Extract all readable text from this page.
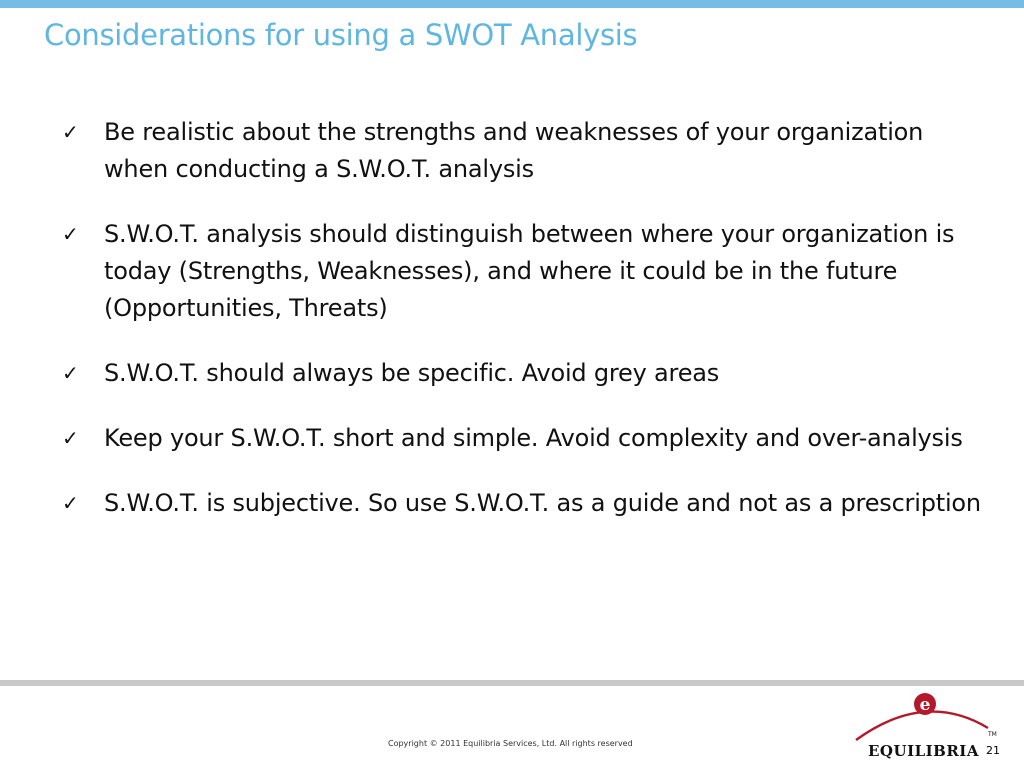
Considerations for using a SWOT Analysis
✓ Be realistic about the strengths and weaknesses of your organization when conducting a S.W.O.T. analysis
✓ S.W.O.T. analysis should distinguish between where your organization is today (Strengths, Weaknesses), and where it could be in the future (Opportunities, Threats)
✓ S.W.O.T. should always be specific. Avoid grey areas
✓ Keep your S.W.O.T. short and simple. Avoid complexity and over-analysis
✓ S.W.O.T. is subjective. So use S.W.O.T. as a guide and not as a prescription
Copyright © 2011 Equilibria Services, Ltd. All rights reserved
e
EQUILIBRIA
TM
21
